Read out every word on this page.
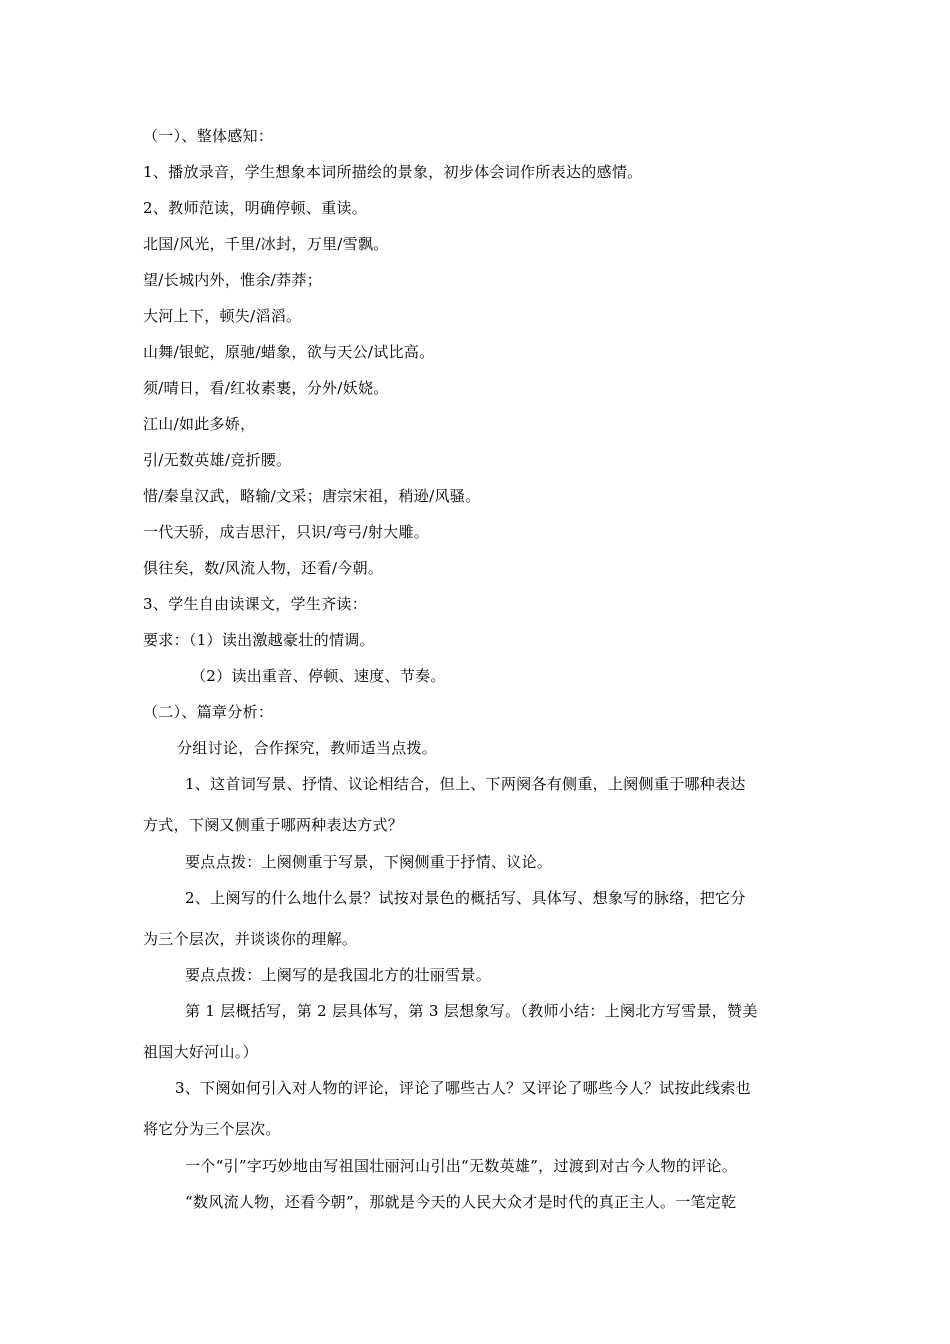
（一）、整体感知：
1、播放录音，学生想象本词所描绘的景象，初步体会词作所表达的感情。
2、教师范读，明确停顿、重读。
北国/风光，千里/冰封，万里/雪飘。
望/长城内外，惟余/莽莽；
大河上下，顿失/滔滔。
山舞/银蛇，原驰/蜡象，欲与天公/试比高。
须/晴日，看/红妆素裹，分外/妖娆。
江山/如此多娇，
引/无数英雄/竞折腰。
惜/秦皇汉武，略输/文采；唐宗宋祖，稍逊/风骚。
一代天骄，成吉思汗，只识/弯弓/射大雕。
俱往矣，数/风流人物，还看/今朝。
3、学生自由读课文，学生齐读：
要求：（1）读出激越豪壮的情调。
（2）读出重音、停顿、速度、节奏。
（二）、篇章分析：
分组讨论，合作探究，教师适当点拨。
1、这首词写景、抒情、议论相结合，但上、下两阕各有侧重，上阕侧重于哪种表达
方式，下阕又侧重于哪两种表达方式？
要点点拨：上阕侧重于写景，下阕侧重于抒情、议论。
2、上阕写的什么地什么景？试按对景色的概括写、具体写、想象写的脉络，把它分
为三个层次，并谈谈你的理解。
要点点拨：上阕写的是我国北方的壮丽雪景。
第 1 层概括写，第 2 层具体写，第 3 层想象写。（教师小结：上阕北方写雪景，赞美
祖国大好河山。）
3、下阕如何引入对人物的评论，评论了哪些古人？又评论了哪些今人？试按此线索也
将它分为三个层次。
一个“引”字巧妙地由写祖国壮丽河山引出“无数英雄”，过渡到对古今人物的评论。
“数风流人物，还看今朝”，那就是今天的人民大众才是时代的真正主人。一笔定乾
